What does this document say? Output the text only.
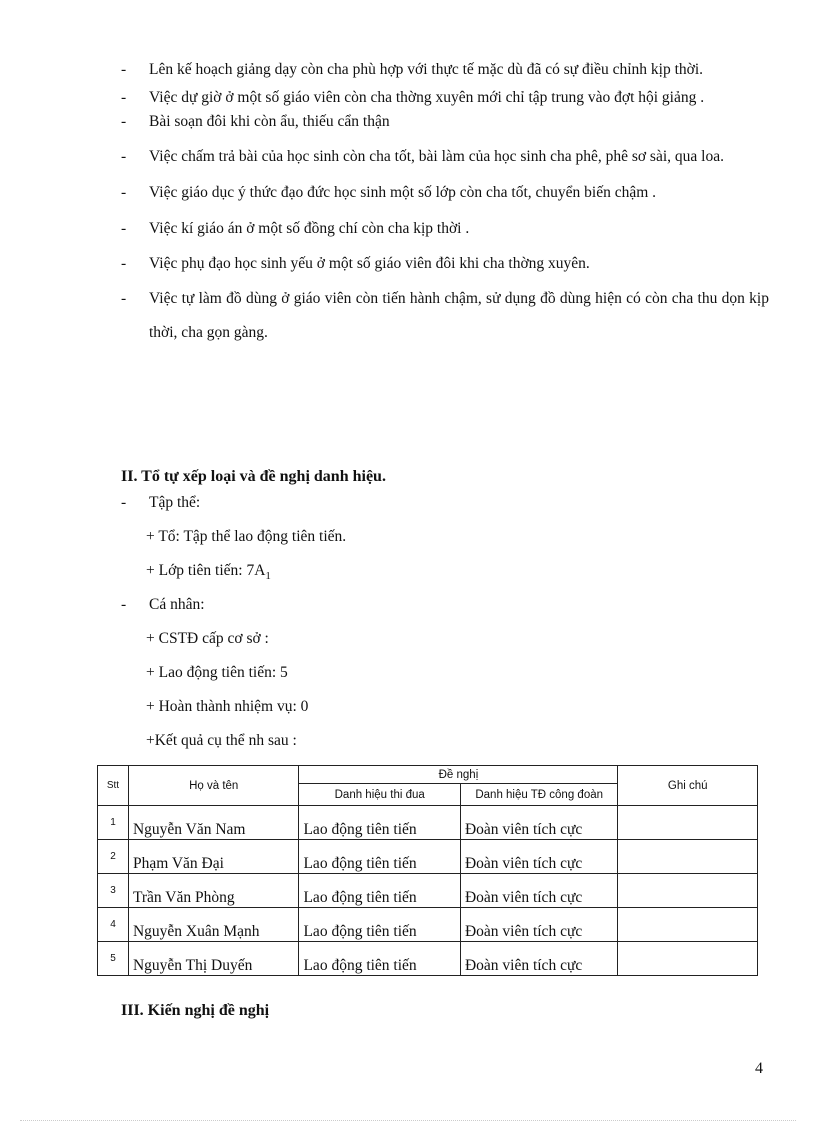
- Lên kế hoạch giảng dạy còn cha phù hợp với thực tế mặc dù đã có sự điều chỉnh kịp thời.
- Việc dự giờ ở một số giáo viên còn cha thờng xuyên mới chỉ tập trung vào đợt hội giảng .
- Bài soạn đôi khi còn ẩu, thiếu cẩn thận
- Việc chấm trả bài của học sinh còn cha tốt, bài làm của học sinh cha phê, phê sơ sài, qua loa.
- Việc giáo dục ý thức đạo đức học sinh một số lớp còn cha tốt, chuyển biến chậm .
- Việc kí giáo án ở một số đồng chí còn cha kịp thời .
- Việc phụ đạo học sinh yếu ở một số giáo viên đôi khi cha thờng xuyên.
- Việc tự làm đồ dùng ở giáo viên còn tiến hành chậm, sử dụng đồ dùng hiện có còn cha thu dọn kịp thời, cha gọn gàng.
II. Tổ tự xếp loại và đề nghị danh hiệu.
- Tập thể:
+ Tổ: Tập thể lao động tiên tiến.
+ Lớp tiên tiến: $7A_1$
- Cá nhân:
+ CSTĐ cấp cơ sở :
+ Lao động tiên tiến: 5
+ Hoàn thành nhiệm vụ: 0
+Kết quả cụ thể nh sau :
Stt	Họ và tên	Đề nghị		Ghi chú
		Danh hiệu thi đua	Danh hiệu TĐ công đoàn	
1	Nguyễn Văn Nam	Lao động tiên tiến	Đoàn viên tích cực	
2	Phạm Văn Đại	Lao động tiên tiến	Đoàn viên tích cực	
3	Trần Văn Phòng	Lao động tiên tiến	Đoàn viên tích cực	
4	Nguyễn Xuân Mạnh	Lao động tiên tiến	Đoàn viên tích cực	
5	Nguyễn Thị Duyến	Lao động tiên tiến	Đoàn viên tích cực	
III. Kiến nghị đề nghị
4
